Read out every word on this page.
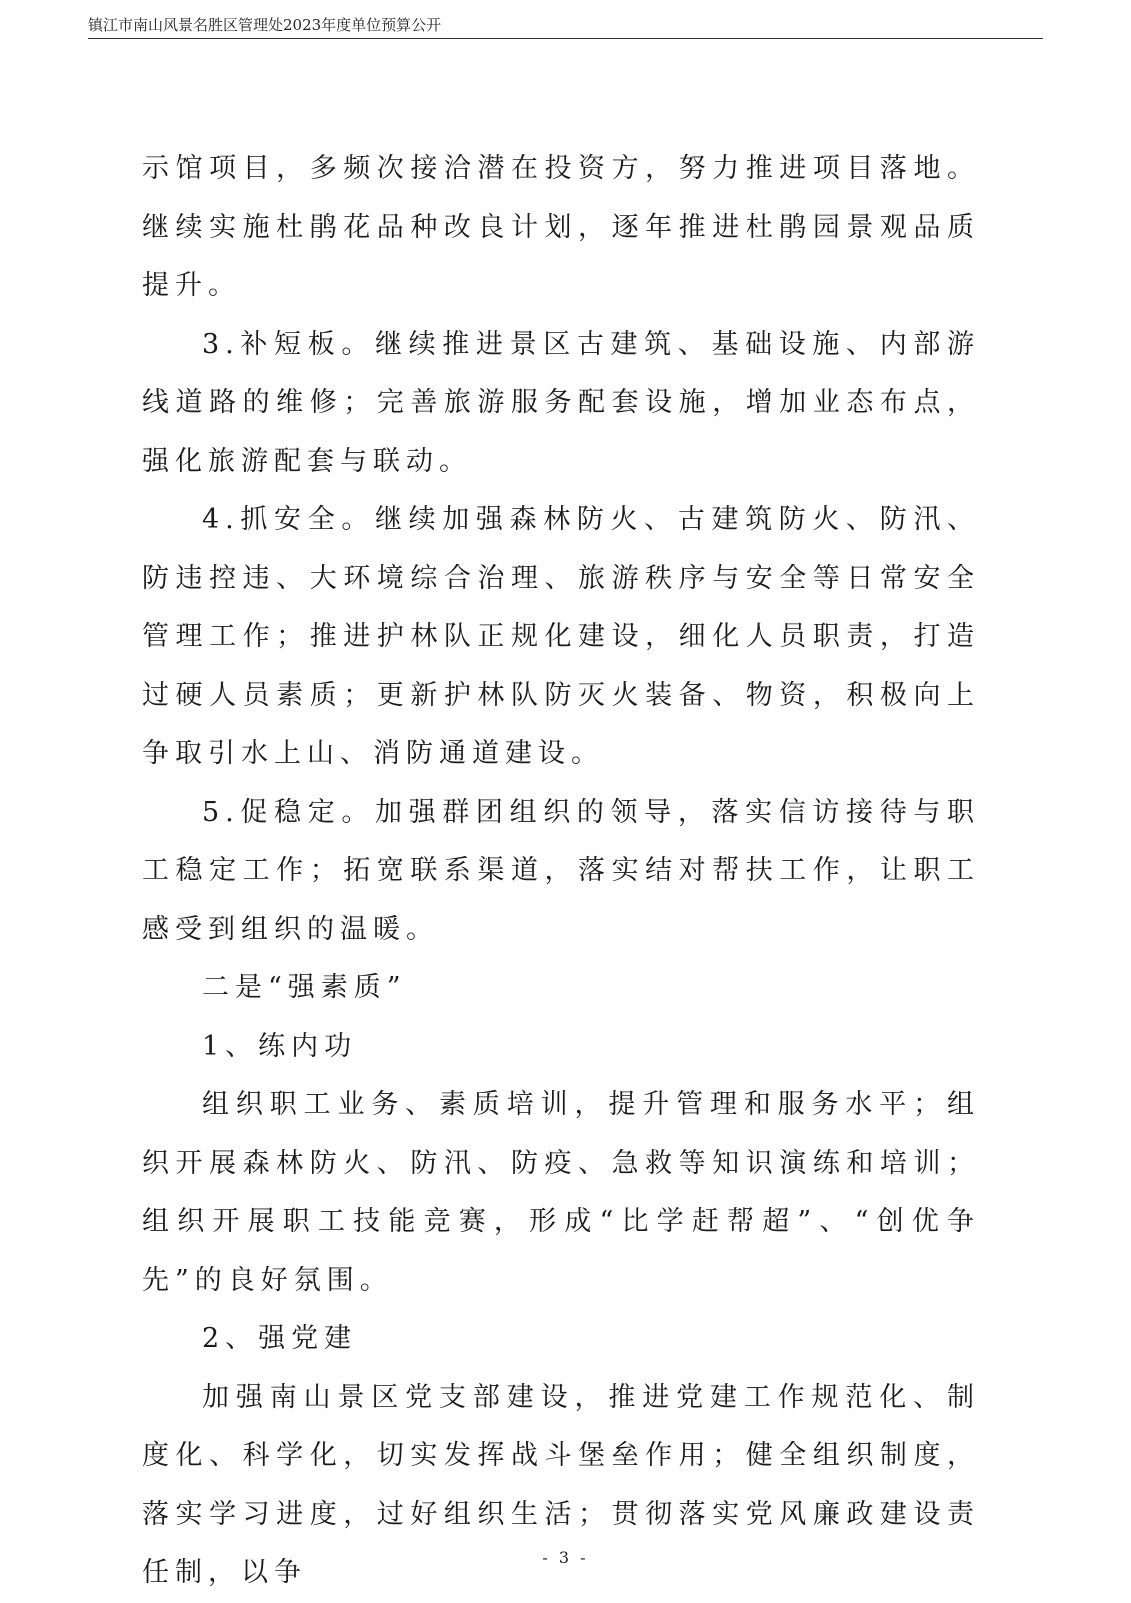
镇江市南山风景名胜区管理处2023年度单位预算公开

示馆项目，多频次接洽潜在投资方，努力推进项目落地。继续实施杜鹃花品种改良计划，逐年推进杜鹃园景观品质提升。

3.补短板。继续推进景区古建筑、基础设施、内部游线道路的维修；完善旅游服务配套设施，增加业态布点，强化旅游配套与联动。

4.抓安全。继续加强森林防火、古建筑防火、防汛、防违控违、大环境综合治理、旅游秩序与安全等日常安全管理工作；推进护林队正规化建设，细化人员职责，打造过硬人员素质；更新护林队防灭火装备、物资，积极向上争取引水上山、消防通道建设。

5.促稳定。加强群团组织的领导，落实信访接待与职工稳定工作；拓宽联系渠道，落实结对帮扶工作，让职工感受到组织的温暖。

二是“强素质”

1、练内功

组织职工业务、素质培训，提升管理和服务水平；组织开展森林防火、防汛、防疫、急救等知识演练和培训；组织开展职工技能竞赛，形成“比学赶帮超”、“创优争先”的良好氛围。

2、强党建

加强南山景区党支部建设，推进党建工作规范化、制度化、科学化，切实发挥战斗堡垒作用；健全组织制度，落实学习进度，过好组织生活；贯彻落实党风廉政建设责任制，以争	- 3 -
